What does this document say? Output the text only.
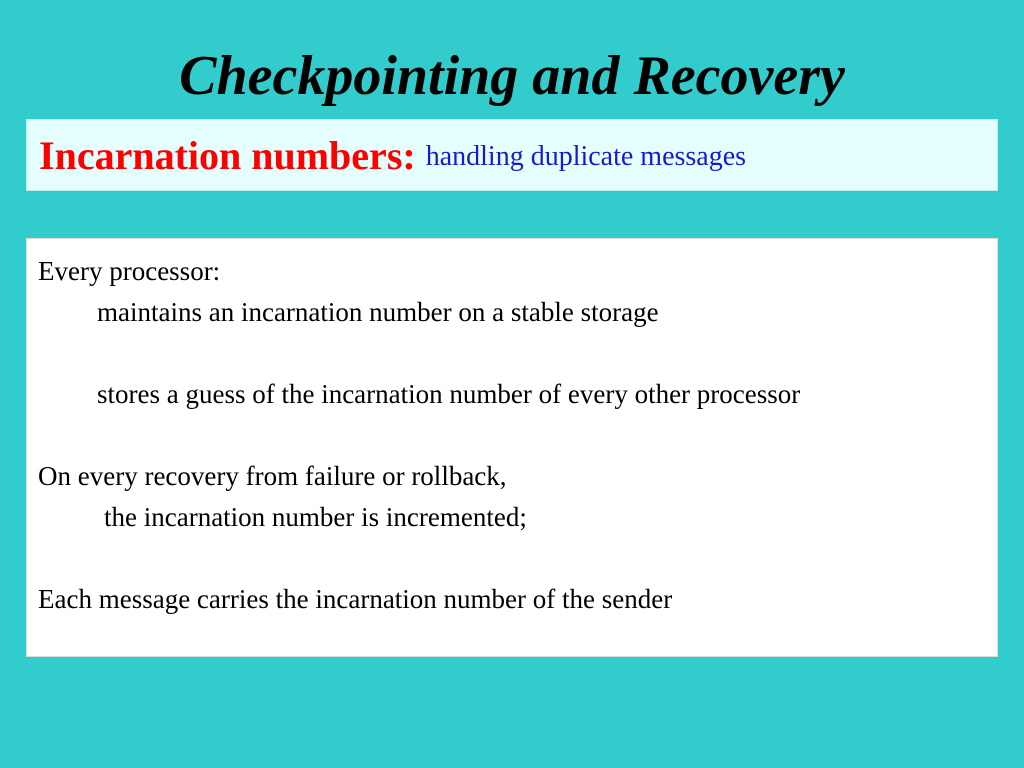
Checkpointing and Recovery
Incarnation numbers: handling duplicate messages
Every processor:
maintains an incarnation number on a stable storage
stores a guess of the incarnation number of every other processor
On every recovery from failure or rollback,
the incarnation number is incremented;
Each message carries the incarnation number of the sender
